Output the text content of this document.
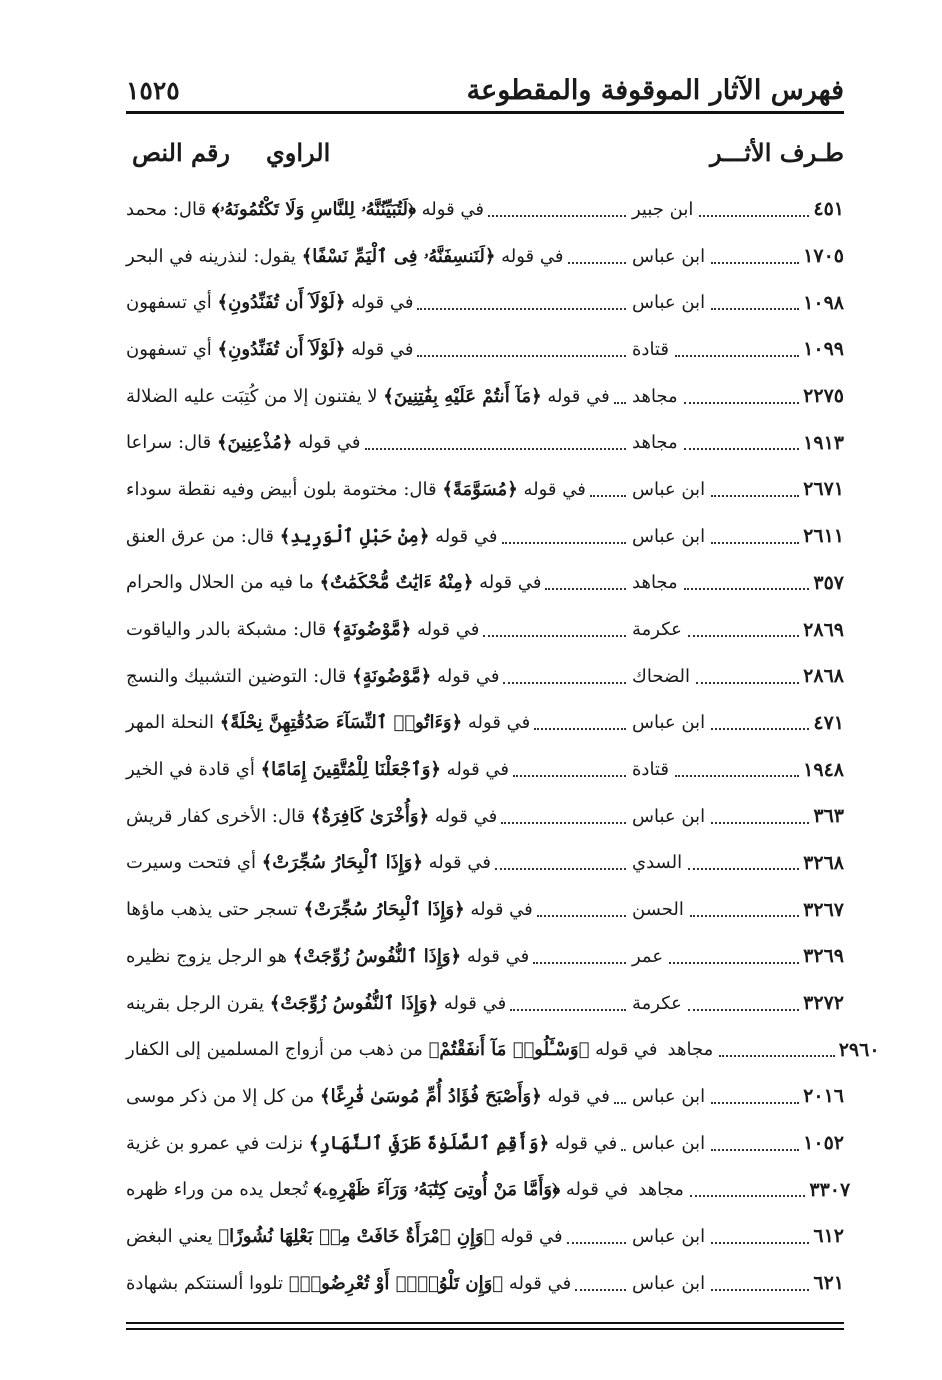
فهرس الآثار الموقوفة والمقطوعة
١٥٢٥
طـرف الأثـــر
الراوي
رقم النص
في قوله ﴿لَتُبَيِّنُنَّهُۥ لِلنَّاسِ وَلَا تَكْتُمُونَهُۥ﴾ قال: محمد	ابن جبير	٤٥١
في قوله ﴿لَنَنسِفَنَّهُۥ فِى ٱلْيَمِّ نَسْفًا﴾ يقول: لنذرينه في البحر	ابن عباس	١٧٠٥
في قوله ﴿لَوْلَآ أَن تُفَنِّدُونِ﴾ أي تسفهون	ابن عباس	١٠٩٨
في قوله ﴿لَوْلَآ أَن تُفَنِّدُونِ﴾ أي تسفهون	قتادة	١٠٩٩
في قوله ﴿مَآ أَنتُمْ عَلَيْهِ بِفَٰتِنِينَ﴾ لا يفتنون إلا من كُتِبَت عليه الضلالة	مجاهد	٢٢٧٥
في قوله ﴿مُذْعِنِينَ﴾ قال: سراعا	مجاهد	١٩١٣
في قوله ﴿مُسَوَّمَةً﴾ قال: مختومة بلون أبيض وفيه نقطة سوداء	ابن عباس	٢٦٧١
في قوله ﴿مِنْ حَبْلِ ٱلْوَرِيدِ﴾ قال: من عرق العنق	ابن عباس	٢٦١١
في قوله ﴿مِنْهُ ءَايَٰتٌ مُّحْكَمَٰتٌ﴾ ما فيه من الحلال والحرام	مجاهد	٣٥٧
في قوله ﴿مَّوْضُونَةٍ﴾ قال: مشبكة بالدر والياقوت	عكرمة	٢٨٦٩
في قوله ﴿مَّوْضُونَةٍ﴾ قال: التوضين التشبيك والنسج	الضحاك	٢٨٦٨
في قوله ﴿وَءَاتُوا۟ ٱلنِّسَآءَ صَدُقَٰتِهِنَّ نِحْلَةً﴾ النحلة المهر	ابن عباس	٤٧١
في قوله ﴿وَٱجْعَلْنَا لِلْمُتَّقِينَ إِمَامًا﴾ أي قادة في الخير	قتادة	١٩٤٨
في قوله ﴿وَأُخْرَىٰ كَافِرَةٌ﴾ قال: الأخرى كفار قريش	ابن عباس	٣٦٣
في قوله ﴿وَإِذَا ٱلْبِحَارُ سُجِّرَتْ﴾ أي فتحت وسيرت	السدي	٣٢٦٨
في قوله ﴿وَإِذَا ٱلْبِحَارُ سُجِّرَتْ﴾ تسجر حتى يذهب ماؤها	الحسن	٣٢٦٧
في قوله ﴿وَإِذَا ٱلنُّفُوسُ زُوِّجَتْ﴾ هو الرجل يزوج نظيره	عمر	٣٢٦٩
في قوله ﴿وَإِذَا ٱلنُّفُوسُ زُوِّجَتْ﴾ يقرن الرجل بقرينه	عكرمة	٣٢٧٢
في قوله ﴿وَسْـَٔلُوا۟ مَآ أَنفَقْتُمْ﴾ من ذهب من أزواج المسلمين إلى الكفار	مجاهد	٢٩٦٠
في قوله ﴿وَأَصْبَحَ فُؤَادُ أُمِّ مُوسَىٰ فَٰرِغًا﴾ من كل إلا من ذكر موسى	ابن عباس	٢٠١٦
في قوله ﴿وَأَقِمِ ٱلصَّلَوٰةَ طَرَفَىِ ٱلنَّهَارِ﴾ نزلت في عمرو بن غزية	ابن عباس	١٠٥٢
في قوله ﴿وَأَمَّا مَنْ أُوتِىَ كِتَٰبَهُۥ وَرَآءَ ظَهْرِهِۦ﴾ تُجعل يده من وراء ظهره	مجاهد	٣٣٠٧
في قوله ﴿وَإِنِ ٱمْرَأَةٌ خَافَتْ مِنۢ بَعْلِهَا نُشُوزًا﴾ يعني البغض	ابن عباس	٦١٢
في قوله ﴿وَإِن تَلْوُۥٓا۟ أَوْ تُعْرِضُوا۟﴾ تلووا ألسنتكم بشهادة	ابن عباس	٦٢١
